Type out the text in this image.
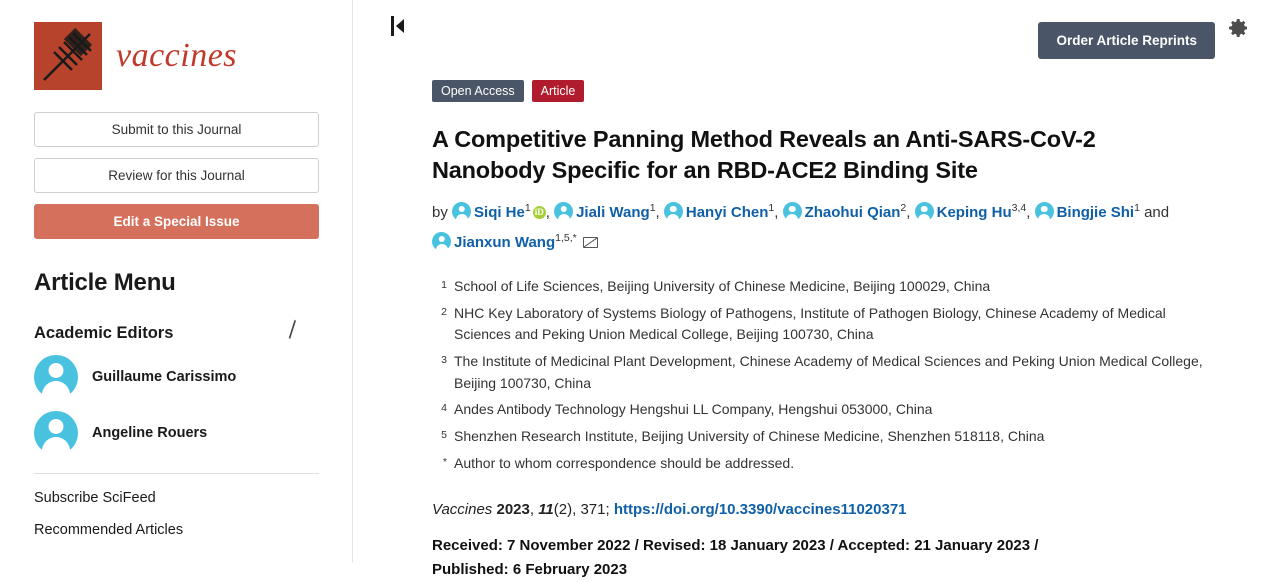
vaccines
Submit to this Journal
Review for this Journal
Edit a Special Issue
Article Menu
Academic Editors	╲
Guillaume Carissimo
Angeline Rouers
Subscribe SciFeed
Recommended Articles
Order Article Reprints
Open Access	Article
A Competitive Panning Method Reveals an Anti-SARS-CoV-2 Nanobody Specific for an RBD-ACE2 Binding Site
by Siqi He$^1$ iD , Jiali Wang$^1$, Hanyi Chen$^1$, Zhaohui Qian$^2$, Keping Hu$^{3,4}$, Bingjie Shi$^1$ and Jianxun Wang$^{1,5,*}$
1 School of Life Sciences, Beijing University of Chinese Medicine, Beijing 100029, China
2 NHC Key Laboratory of Systems Biology of Pathogens, Institute of Pathogen Biology, Chinese Academy of Medical Sciences and Peking Union Medical College, Beijing 100730, China
3 The Institute of Medicinal Plant Development, Chinese Academy of Medical Sciences and Peking Union Medical College, Beijing 100730, China
4 Andes Antibody Technology Hengshui LL Company, Hengshui 053000, China
5 Shenzhen Research Institute, Beijing University of Chinese Medicine, Shenzhen 518118, China
* Author to whom correspondence should be addressed.
Vaccines 2023, 11(2), 371; https://doi.org/10.3390/vaccines11020371
Received: 7 November 2022 / Revised: 18 January 2023 / Accepted: 21 January 2023 /
Published: 6 February 2023
